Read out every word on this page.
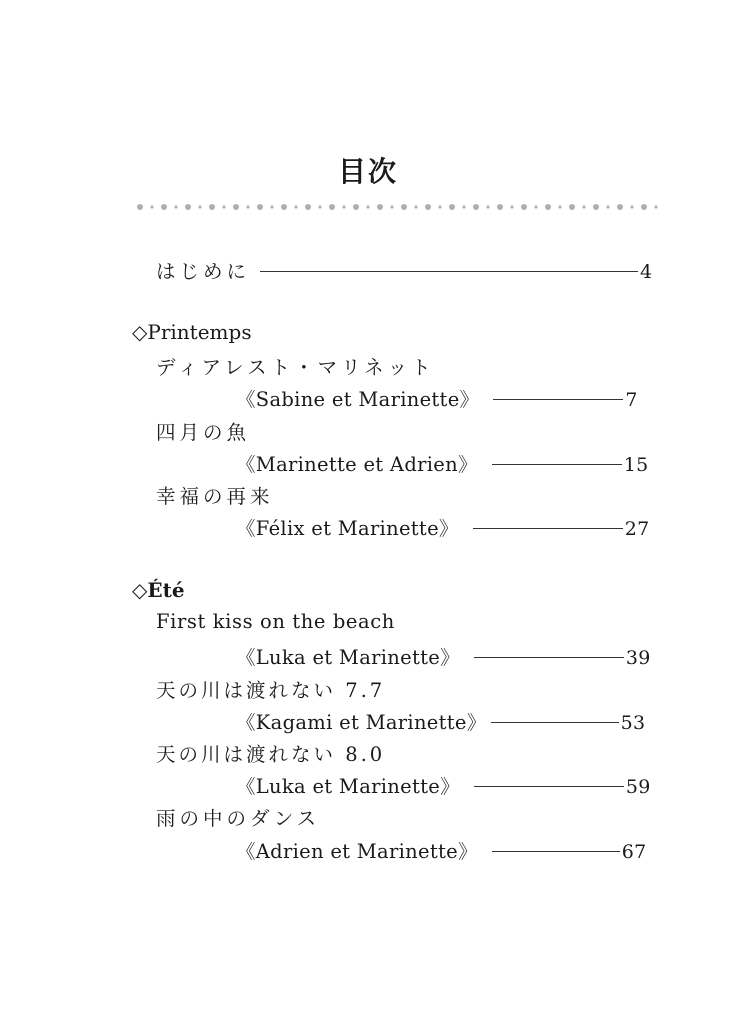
目次
はじめに	4
◇Printemps
ディアレスト・マリネット
《Sabine et Marinette》	7
四月の魚
《Marinette et Adrien》	15
幸福の再来
《Félix et Marinette》	27
◇Été
First kiss on the beach
《Luka et Marinette》	39
天の川は渡れない 7.7
《Kagami et Marinette》	53
天の川は渡れない 8.0
《Luka et Marinette》	59
雨の中のダンス
《Adrien et Marinette》	67
